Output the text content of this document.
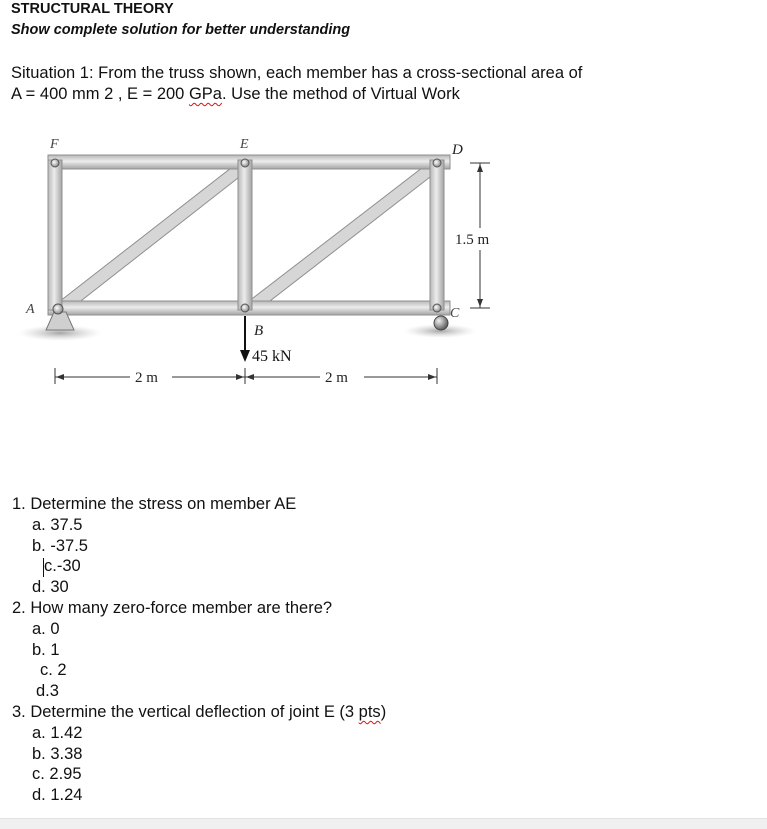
STRUCTURAL THEORY
Show complete solution for better understanding
Situation 1: From the truss shown, each member has a cross-sectional area of
A = 400 mm 2 , E = 200 GPa. Use the method of Virtual Work
F	E	D
A
B
C
1.5 m
45 kN
2 m	2 m
1. Determine the stress on member AE
a. 37.5
b. -37.5
c.-30
d. 30
2. How many zero-force member are there?
a. 0
b. 1
c. 2
d.3
3. Determine the vertical deflection of joint E (3 pts)
a. 1.42
b. 3.38
c. 2.95
d. 1.24
